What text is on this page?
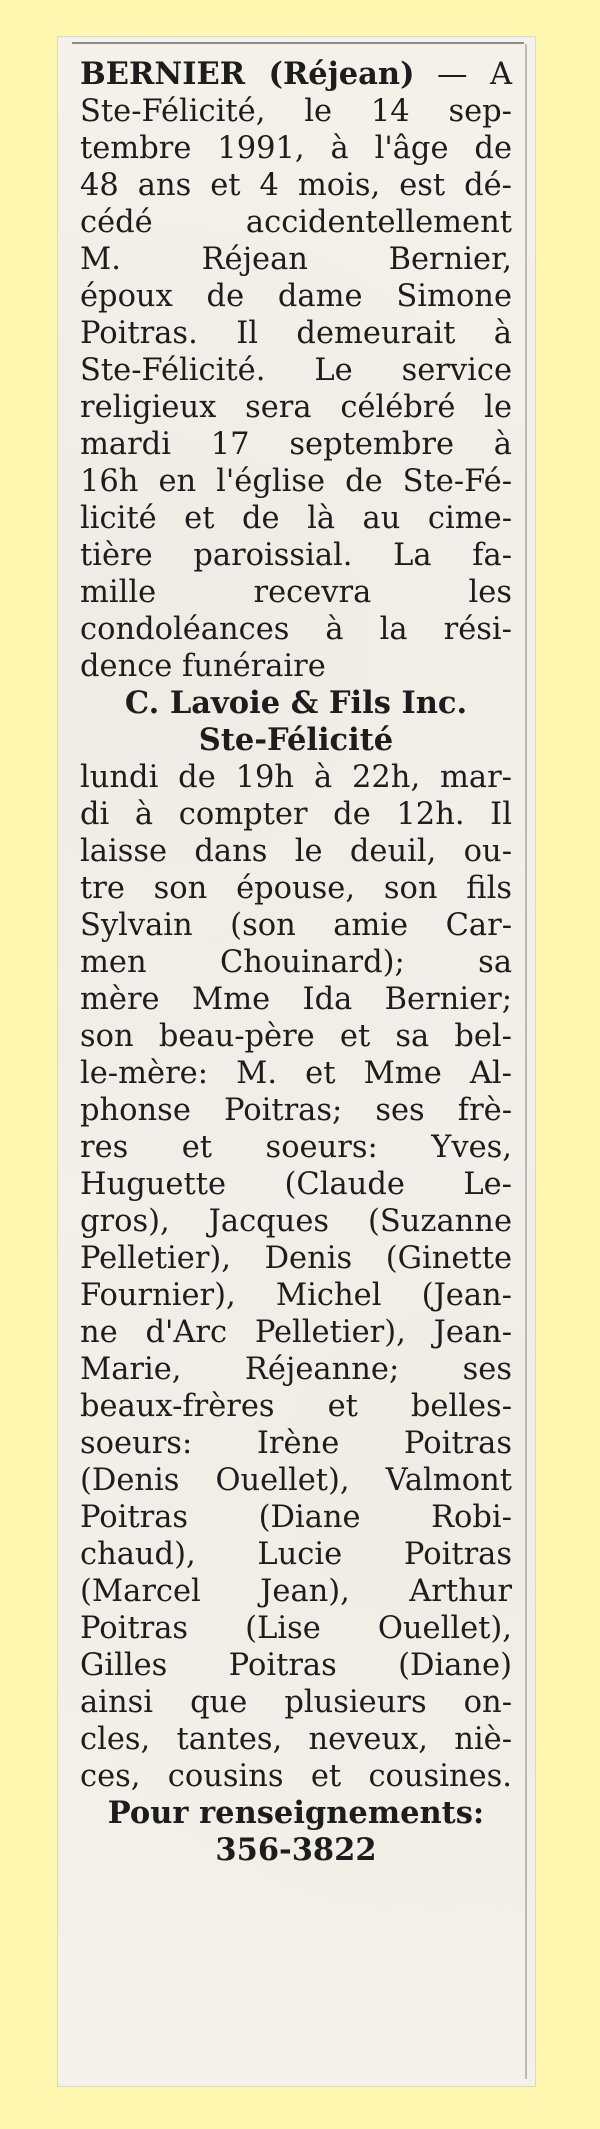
BERNIER (Réjean) — A
Ste-Félicité, le 14 sep-
tembre 1991, à l'âge de
48 ans et 4 mois, est dé-
cédé accidentellement
M. Réjean Bernier,
époux de dame Simone
Poitras. Il demeurait à
Ste-Félicité. Le service
religieux sera célébré le
mardi 17 septembre à
16h en l'église de Ste-Fé-
licité et de là au cime-
tière paroissial. La fa-
mille recevra les
condoléances à la rési-
dence funéraire
C. Lavoie & Fils Inc.
Ste-Félicité
lundi de 19h à 22h, mar-
di à compter de 12h. Il
laisse dans le deuil, ou-
tre son épouse, son fils
Sylvain (son amie Car-
men Chouinard); sa
mère Mme Ida Bernier;
son beau-père et sa bel-
le-mère: M. et Mme Al-
phonse Poitras; ses frè-
res et soeurs: Yves,
Huguette (Claude Le-
gros), Jacques (Suzanne
Pelletier), Denis (Ginette
Fournier), Michel (Jean-
ne d'Arc Pelletier), Jean-
Marie, Réjeanne; ses
beaux-frères et belles-
soeurs: Irène Poitras
(Denis Ouellet), Valmont
Poitras (Diane Robi-
chaud), Lucie Poitras
(Marcel Jean), Arthur
Poitras (Lise Ouellet),
Gilles Poitras (Diane)
ainsi que plusieurs on-
cles, tantes, neveux, niè-
ces, cousins et cousines.
Pour renseignements:
356-3822
